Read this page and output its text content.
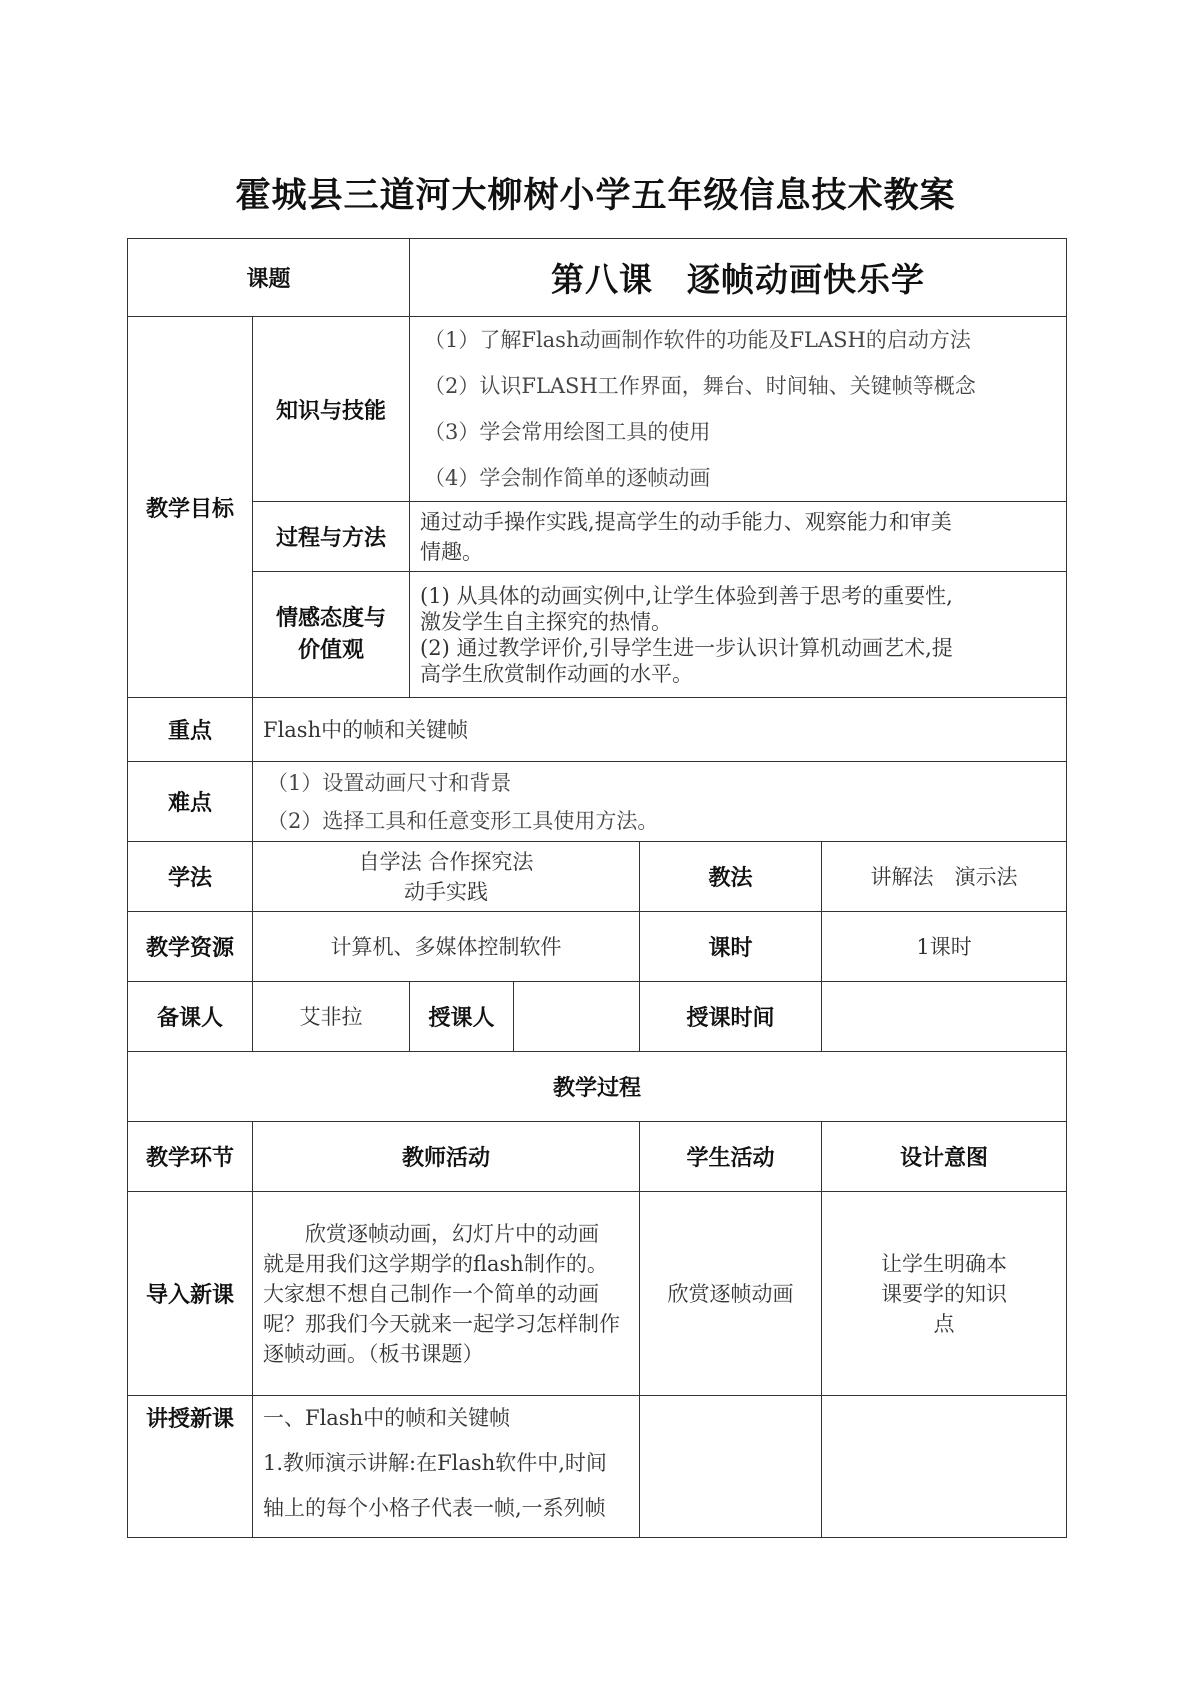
霍城县三道河大柳树小学五年级信息技术教案
课题		第八课　逐帧动画快乐学			
教学目标	知识与技能	（1）了解Flash动画制作软件的功能及FLASH的启动方法
（2）认识FLASH工作界面，舞台、时间轴、关键帧等概念
（3）学会常用绘图工具的使用
（4）学会制作简单的逐帧动画			

	过程与方法	通过动手操作实践,提高学生的动手能力、观察能力和审美
情趣。			

	情感态度与
价值观	(1) 从具体的动画实例中,让学生体验到善于思考的重要性,
激发学生自主探究的热情。
(2) 通过教学评价,引导学生进一步认识计算机动画艺术,提
高学生欣赏制作动画的水平。			

重点	Flash中的帧和关键帧				
难点	（1）设置动画尺寸和背景
（2）选择工具和任意变形工具使用方法。				

学法	自学法 合作探究法
动手实践			教法	讲解法　演示法
教学资源	计算机、多媒体控制软件			课时	1课时
备课人	艾非拉	授课人		授课时间	
教学过程					
教学环节	教师活动			学生活动	设计意图
导入新课	欣赏逐帧动画，幻灯片中的动画
就是用我们这学期学的flash制作的。
大家想不想自己制作一个简单的动画
呢？那我们今天就来一起学习怎样制作
逐帧动画。（板书课题）			欣赏逐帧动画	让学生明确本
课要学的知识
点

讲授新课	一、Flash中的帧和关键帧
1.教师演示讲解:在Flash软件中,时间
轴上的每个小格子代表一帧,一系列帧				
